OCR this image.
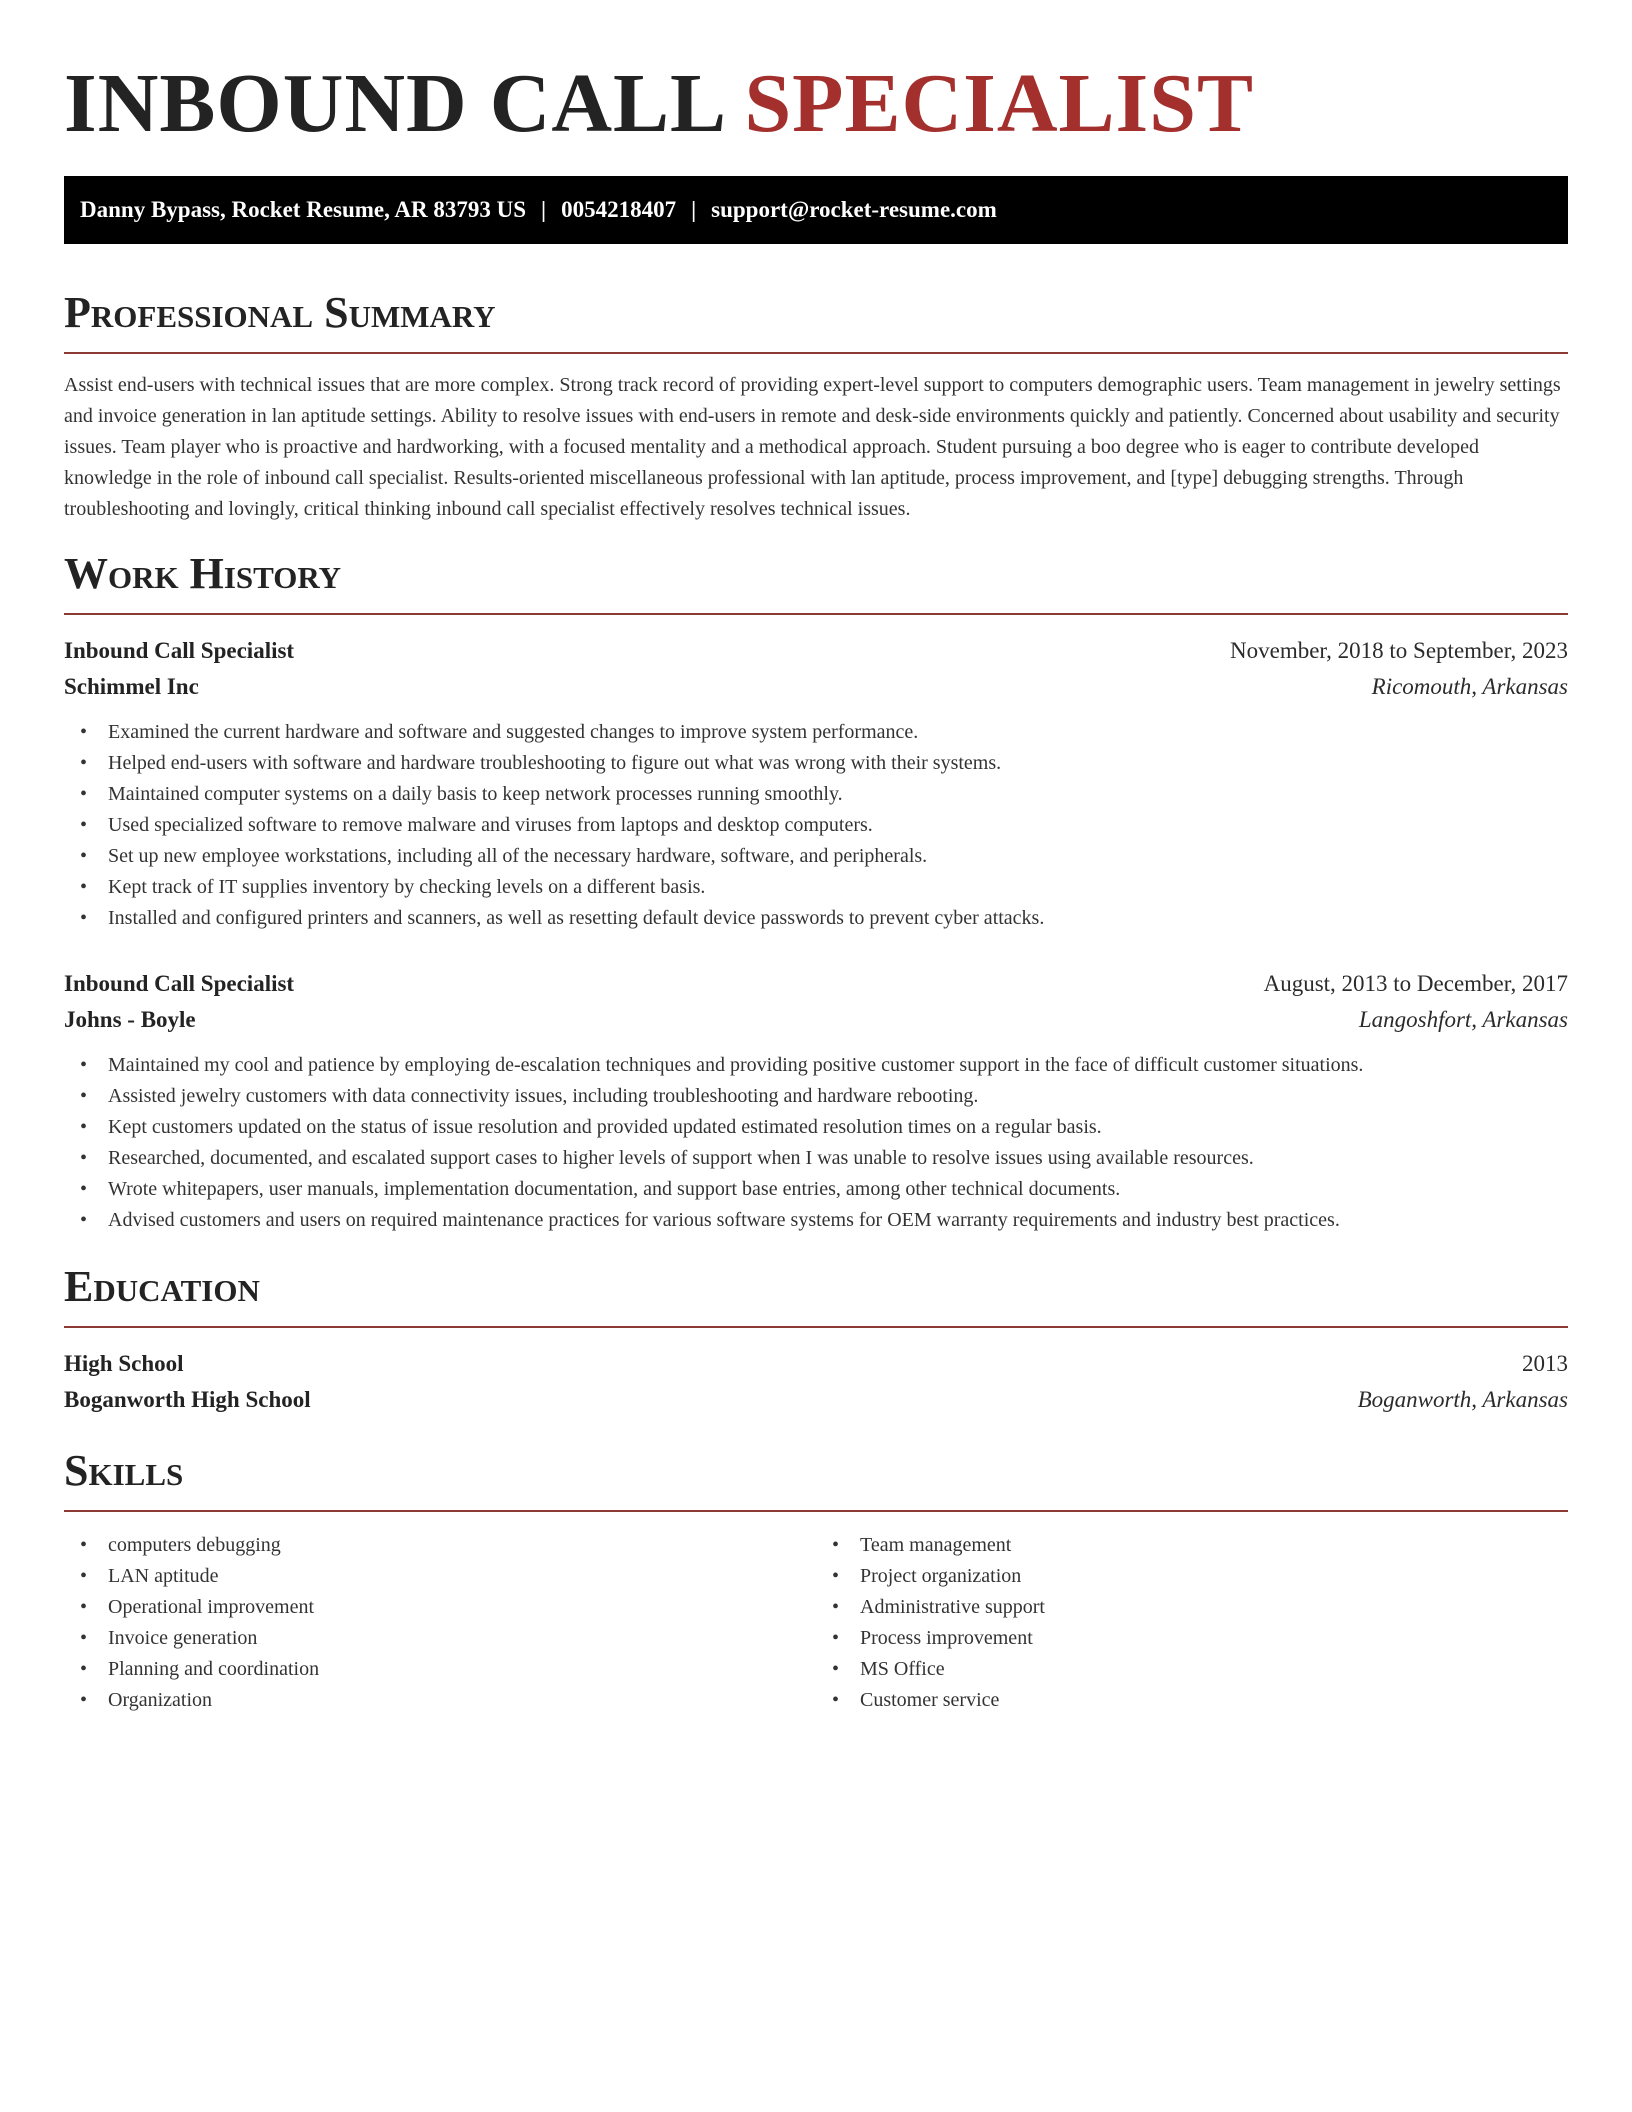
INBOUND CALL SPECIALIST
Danny Bypass, Rocket Resume, AR 83793 US | 0054218407 | support@rocket-resume.com
Professional Summary

Assist end-users with technical issues that are more complex. Strong track record of providing expert-level support to computers demographic users. Team management in jewelry settings and invoice generation in lan aptitude settings. Ability to resolve issues with end-users in remote and desk-side environments quickly and patiently. Concerned about usability and security issues. Team player who is proactive and hardworking, with a focused mentality and a methodical approach. Student pursuing a boo degree who is eager to contribute developed knowledge in the role of inbound call specialist. Results-oriented miscellaneous professional with lan aptitude, process improvement, and [type] debugging strengths. Through troubleshooting and lovingly, critical thinking inbound call specialist effectively resolves technical issues.

Work History
Inbound Call Specialist	November, 2018 to September, 2023
Schimmel Inc	Ricomouth, Arkansas
• Examined the current hardware and software and suggested changes to improve system performance.
• Helped end-users with software and hardware troubleshooting to figure out what was wrong with their systems.
• Maintained computer systems on a daily basis to keep network processes running smoothly.
• Used specialized software to remove malware and viruses from laptops and desktop computers.
• Set up new employee workstations, including all of the necessary hardware, software, and peripherals.
• Kept track of IT supplies inventory by checking levels on a different basis.
• Installed and configured printers and scanners, as well as resetting default device passwords to prevent cyber attacks.
Inbound Call Specialist	August, 2013 to December, 2017
Johns - Boyle	Langoshfort, Arkansas
• Maintained my cool and patience by employing de-escalation techniques and providing positive customer support in the face of difficult customer situations.
• Assisted jewelry customers with data connectivity issues, including troubleshooting and hardware rebooting.
• Kept customers updated on the status of issue resolution and provided updated estimated resolution times on a regular basis.
• Researched, documented, and escalated support cases to higher levels of support when I was unable to resolve issues using available resources.
• Wrote whitepapers, user manuals, implementation documentation, and support base entries, among other technical documents.
• Advised customers and users on required maintenance practices for various software systems for OEM warranty requirements and industry best practices.
Education
High School	2013
Boganworth High School	Boganworth, Arkansas
Skills
• computers debugging
• LAN aptitude
• Operational improvement
• Invoice generation
• Planning and coordination
• Organization
• Team management
• Project organization
• Administrative support
• Process improvement
• MS Office
• Customer service
